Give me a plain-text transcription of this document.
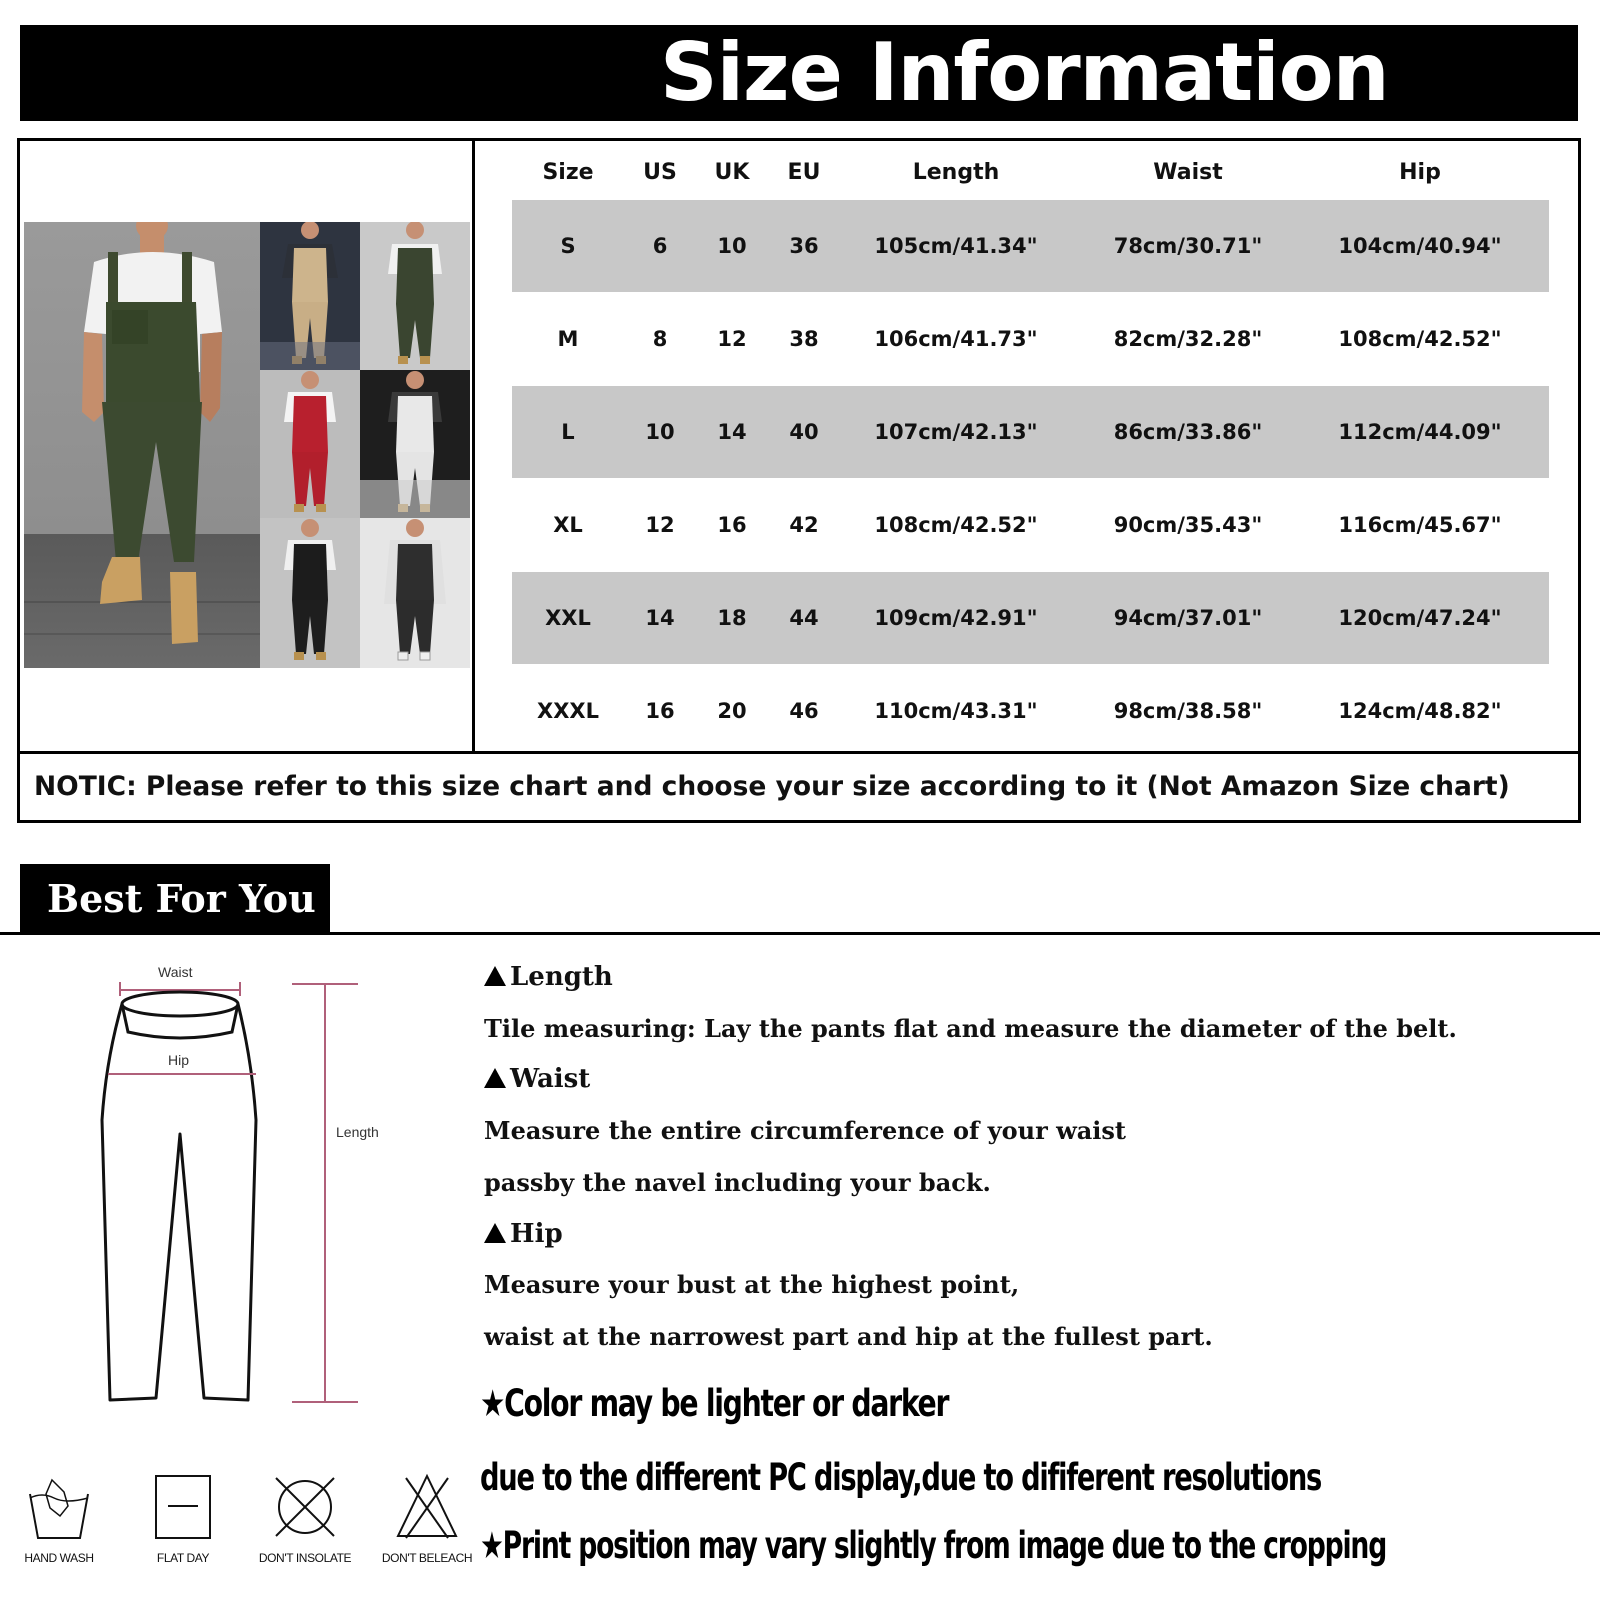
Size Information
Size	US	UK	EU	Length	Waist	Hip
S	6	10	36	105cm/41.34"	78cm/30.71"	104cm/40.94"
M	8	12	38	106cm/41.73"	82cm/32.28"	108cm/42.52"
L	10	14	40	107cm/42.13"	86cm/33.86"	112cm/44.09"
XL	12	16	42	108cm/42.52"	90cm/35.43"	116cm/45.67"
XXL	14	18	44	109cm/42.91"	94cm/37.01"	120cm/47.24"
XXXL	16	20	46	110cm/43.31"	98cm/38.58"	124cm/48.82"
NOTIC: Please refer to this size chart and choose your size according to it (Not Amazon Size chart)
Best For You
Waist
Hip
Length
HAND WASH	FLAT DAY	DON'T INSOLATE	DON'T BELEACH
Length
Tile measuring: Lay the pants flat and measure the diameter of the belt.
Waist
Measure the entire circumference of your waist
passby the navel including your back.
Hip
Measure your bust at the highest point,
waist at the narrowest part and hip at the fullest part.
★Color may be lighter or darker
due to the different PC display,due to dififerent resolutions
★Print position may vary slightly from image due to the cropping
